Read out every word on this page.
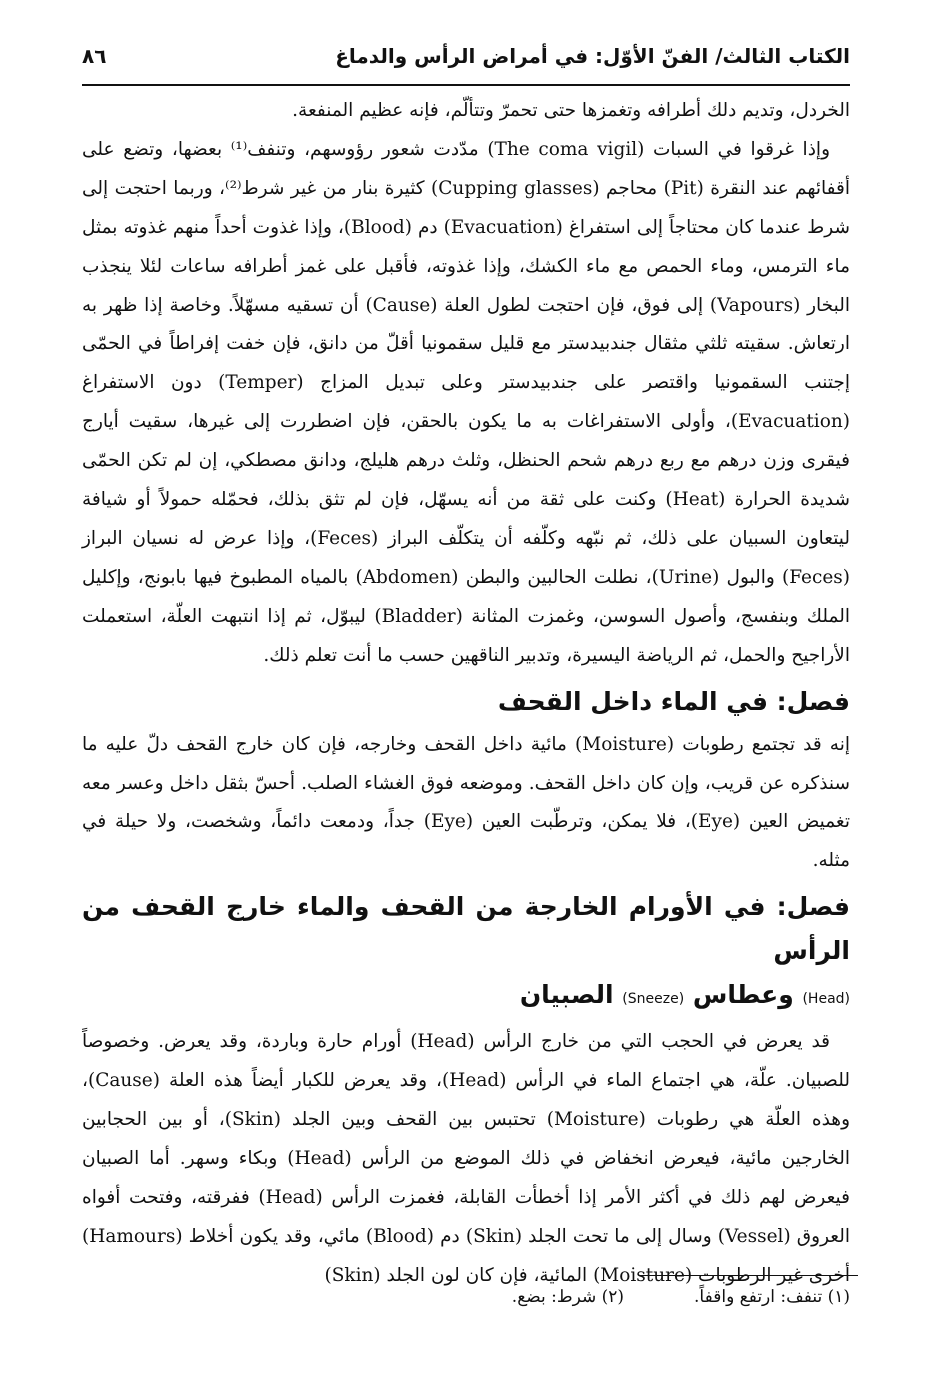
الكتاب الثالث/ الفنّ الأوّل: في أمراض الرأس والدماغ
٨٦

الخردل، وتديم دلك أطرافه وتغمزها حتى تحمرّ وتتألّم، فإنه عظيم المنفعة.

وإذا غرقوا في السبات (The coma vigil) مدّدت شعور رؤوسهم، وتنفف⁽¹⁾ بعضها، وتضع على أقفائهم عند النقرة (Pit) محاجم (Cupping glasses) كثيرة بنار من غير شرط⁽²⁾، وربما احتجت إلى شرط عندما كان محتاجاً إلى استفراغ (Evacuation) دم (Blood)، وإذا غذوت أحداً منهم غذوته بمثل ماء الترمس، وماء الحمص مع ماء الكشك، وإذا غذوته، فأقبل على غمز أطرافه ساعات لئلا ينجذب البخار (Vapours) إلى فوق، فإن احتجت لطول العلة (Cause) أن تسقيه مسهّلاً. وخاصة إذا ظهر به ارتعاش. سقيته ثلثي مثقال جندبيدستر مع قليل سقمونيا أقلّ من دانق، فإن خفت إفراطاً في الحمّى إجتنب السقمونيا واقتصر على جندبيدستر وعلى تبديل المزاج (Temper) دون الاستفراغ (Evacuation)، وأولى الاستفراغات به ما يكون بالحقن، فإن اضطررت إلى غيرها، سقيت أيارج فيقرى وزن درهم مع ربع درهم شحم الحنظل، وثلث درهم هليلج، ودانق مصطكي، إن لم تكن الحمّى شديدة الحرارة (Heat) وكنت على ثقة من أنه يسهّل، فإن لم تثق بذلك، فحمّله حمولاً أو شيافة ليتعاون السبيان على ذلك، ثم نبّهه وكلّفه أن يتكلّف البراز (Feces)، وإذا عرض له نسيان البراز (Feces) والبول (Urine)، نطلت الحالبين والبطن (Abdomen) بالمياه المطبوخ فيها بابونج، وإكليل الملك وبنفسج، وأصول السوسن، وغمزت المثانة (Bladder) ليبوّل، ثم إذا انتبهت العلّة، استعملت الأراجيح والحمل، ثم الرياضة اليسيرة، وتدبير الناقهين حسب ما أنت تعلم ذلك.

فصل: في الماء داخل القحف

إنه قد تجتمع رطوبات (Moisture) مائية داخل القحف وخارجه، فإن كان خارج القحف دلّ عليه ما سنذكره عن قريب، وإن كان داخل القحف. وموضعه فوق الغشاء الصلب. أحسّ بثقل داخل وعسر معه تغميض العين (Eye)، فلا يمكن، وترطّبت العين (Eye) جداً، ودمعت دائماً، وشخصت، ولا حيلة في مثله.

فصل: في الأورام الخارجة من القحف والماء خارج القحف من الرأس
(Head) وعطاس (Sneeze) الصبيان

قد يعرض في الحجب التي من خارج الرأس (Head) أورام حارة وباردة، وقد يعرض. وخصوصاً للصبيان. علّة، هي اجتماع الماء في الرأس (Head)، وقد يعرض للكبار أيضاً هذه العلة (Cause)، وهذه العلّة هي رطوبات (Moisture) تحتبس بين القحف وبين الجلد (Skin)، أو بين الحجابين الخارجين مائية، فيعرض انخفاض في ذلك الموضع من الرأس (Head) وبكاء وسهر. أما الصبيان فيعرض لهم ذلك في أكثر الأمر إذا أخطأت القابلة، فغمزت الرأس (Head) ففرقته، وفتحت أفواه العروق (Vessel) وسال إلى ما تحت الجلد (Skin) دم (Blood) مائي، وقد يكون أخلاط (Hamours) أخرى غير الرطوبات (Moisture) المائية، فإن كان لون الجلد (Skin)

(١) تنفف: ارتفع واقفاً.
(٢) شرط: بضع.
